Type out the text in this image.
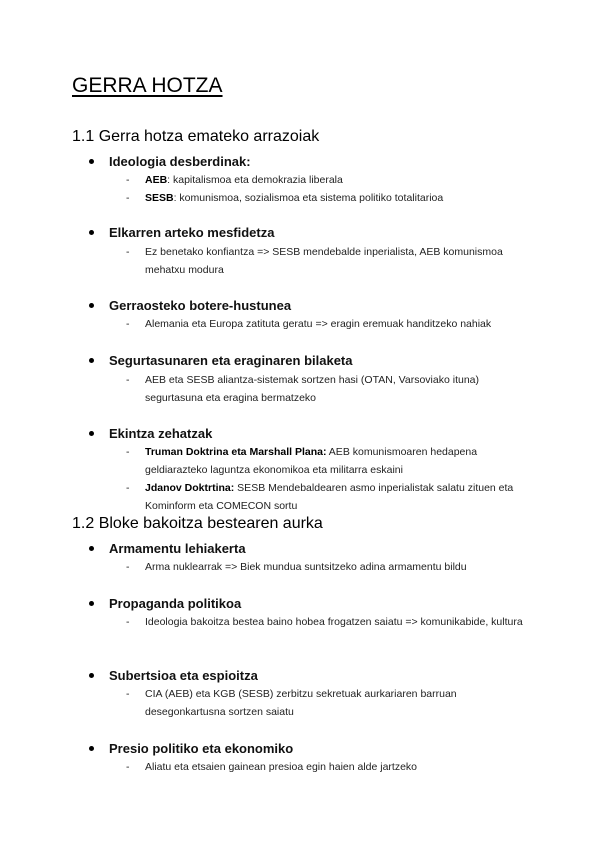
GERRA HOTZA
1.1 Gerra hotza emateko arrazoiak
Ideologia desberdinak:
-	AEB: kapitalismoa eta demokrazia liberala
-	SESB: komunismoa, sozialismoa eta sistema politiko totalitarioa
Elkarren arteko mesfidetza
-	Ez benetako konfiantza => SESB mendebalde inperialista, AEB komunismoa mehatxu modura
Gerraosteko botere-hustunea
-	Alemania eta Europa zatituta geratu => eragin eremuak handitzeko nahiak
Segurtasunaren eta eraginaren bilaketa
-	AEB eta SESB aliantza-sistemak sortzen hasi (OTAN, Varsoviako ituna) segurtasuna eta eragina bermatzeko
Ekintza zehatzak
-	Truman Doktrina eta Marshall Plana: AEB komunismoaren hedapena geldiarazteko laguntza ekonomikoa eta militarra eskaini
-	Jdanov Doktrtina: SESB Mendebaldearen asmo inperialistak salatu zituen eta Kominform eta COMECON sortu
1.2 Bloke bakoitza bestearen aurka
Armamentu lehiakerta
-	Arma nuklearrak => Biek mundua suntsitzeko adina armamentu bildu
Propaganda politikoa
-	Ideologia bakoitza bestea baino hobea frogatzen saiatu => komunikabide, kultura
Subertsioa eta espioitza
-	CIA (AEB) eta KGB (SESB) zerbitzu sekretuak aurkariaren barruan desegonkartusna sortzen saiatu
Presio politiko eta ekonomiko
-	Aliatu eta etsaien gainean presioa egin haien alde jartzeko
